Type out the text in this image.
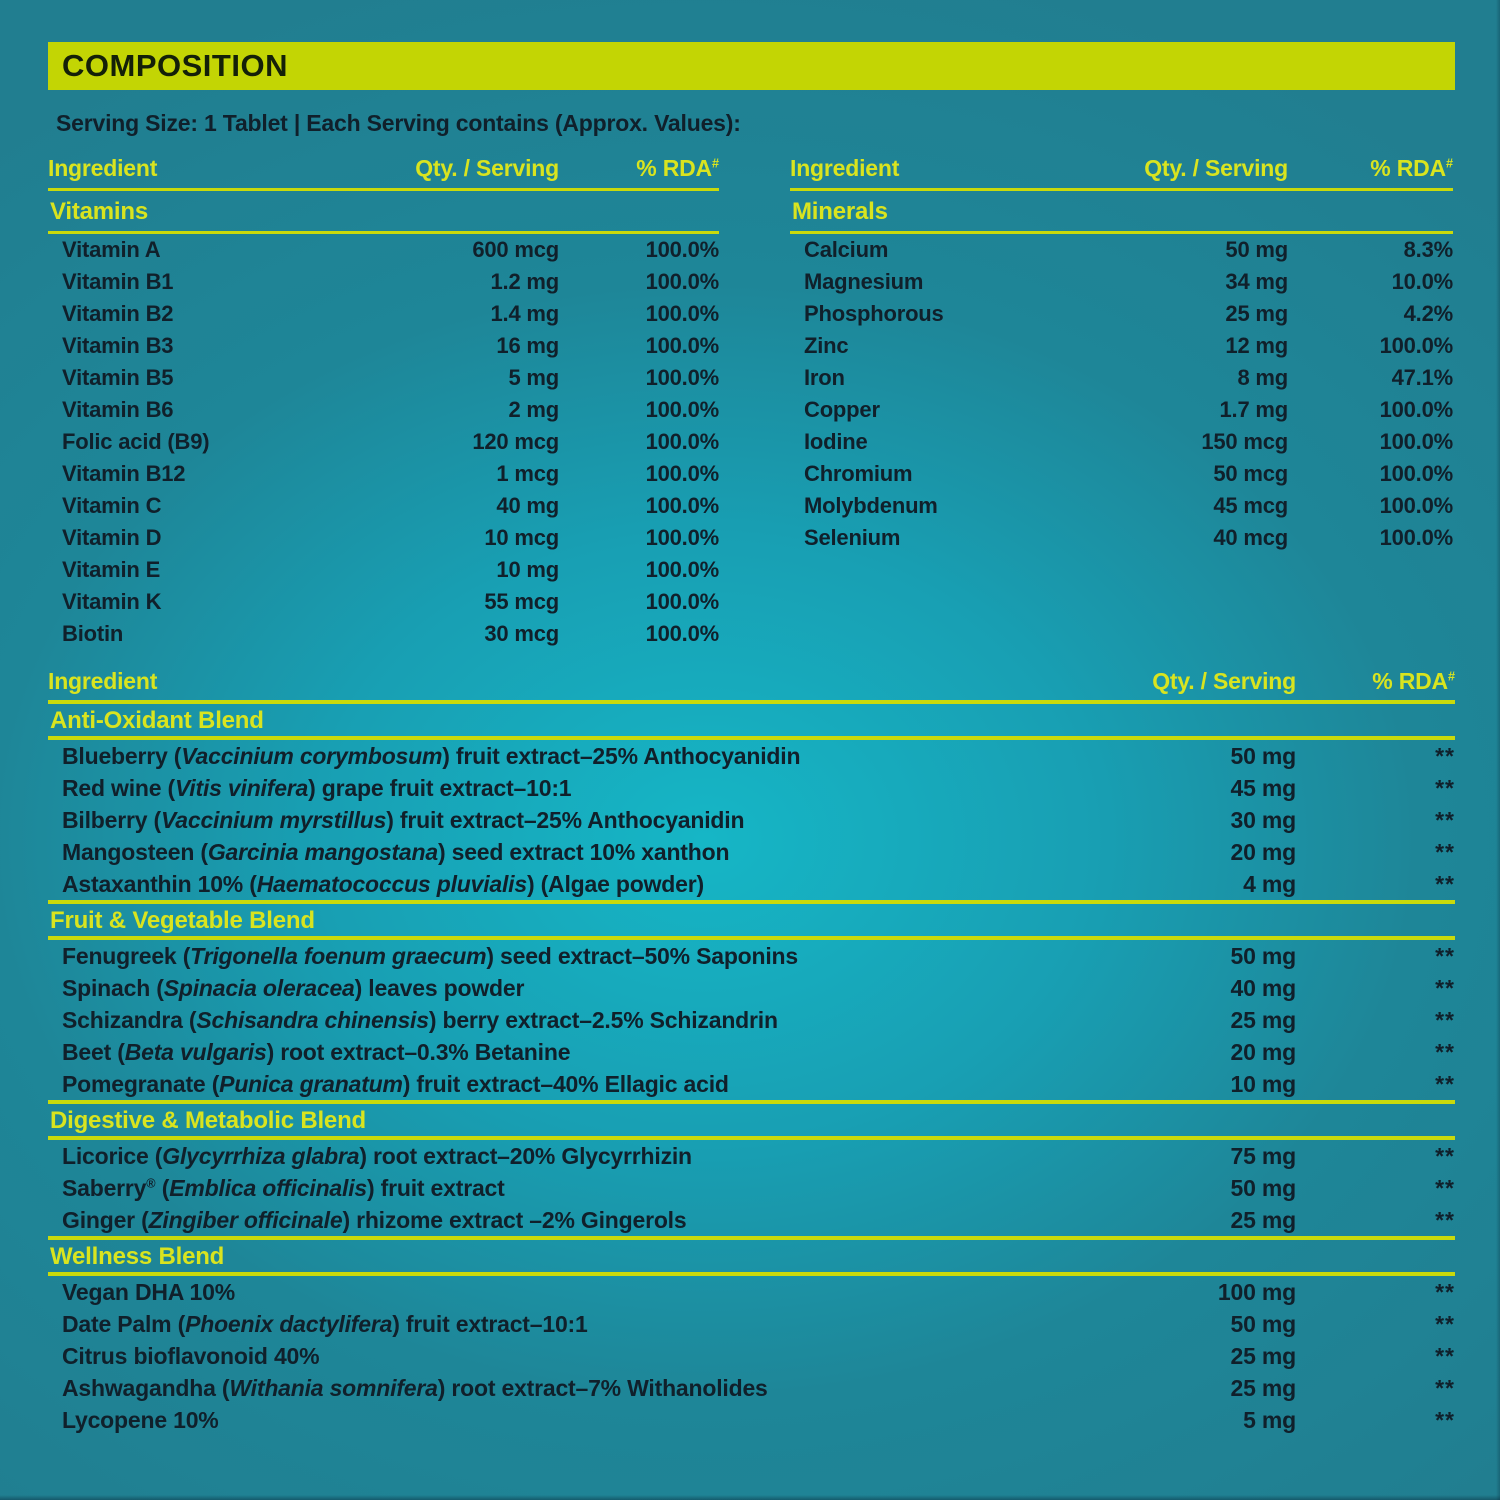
COMPOSITION
Serving Size: 1 Tablet | Each Serving contains (Approx. Values):
Ingredient	Qty. / Serving	% RDA#
Vitamins
Vitamin A	600 mcg	100.0%
Vitamin B1	1.2 mg	100.0%
Vitamin B2	1.4 mg	100.0%
Vitamin B3	16 mg	100.0%
Vitamin B5	5 mg	100.0%
Vitamin B6	2 mg	100.0%
Folic acid (B9)	120 mcg	100.0%
Vitamin B12	1 mcg	100.0%
Vitamin C	40 mg	100.0%
Vitamin D	10 mcg	100.0%
Vitamin E	10 mg	100.0%
Vitamin K	55 mcg	100.0%
Biotin	30 mcg	100.0%
Ingredient	Qty. / Serving	% RDA#
Minerals
Calcium	50 mg	8.3%
Magnesium	34 mg	10.0%
Phosphorous	25 mg	4.2%
Zinc	12 mg	100.0%
Iron	8 mg	47.1%
Copper	1.7 mg	100.0%
Iodine	150 mcg	100.0%
Chromium	50 mcg	100.0%
Molybdenum	45 mcg	100.0%
Selenium	40 mcg	100.0%
Ingredient	Qty. / Serving	% RDA#
Anti-Oxidant Blend
Blueberry (Vaccinium corymbosum) fruit extract–25% Anthocyanidin	50 mg	**
Red wine (Vitis vinifera) grape fruit extract–10:1	45 mg	**
Bilberry (Vaccinium myrstillus) fruit extract–25% Anthocyanidin	30 mg	**
Mangosteen (Garcinia mangostana) seed extract 10% xanthon	20 mg	**
Astaxanthin 10% (Haematococcus pluvialis) (Algae powder)	4 mg	**
Fruit & Vegetable Blend
Fenugreek (Trigonella foenum graecum) seed extract–50% Saponins	50 mg	**
Spinach (Spinacia oleracea) leaves powder	40 mg	**
Schizandra (Schisandra chinensis) berry extract–2.5% Schizandrin	25 mg	**
Beet (Beta vulgaris) root extract–0.3% Betanine	20 mg	**
Pomegranate (Punica granatum) fruit extract–40% Ellagic acid	10 mg	**
Digestive & Metabolic Blend
Licorice (Glycyrrhiza glabra) root extract–20% Glycyrrhizin	75 mg	**
Saberry® (Emblica officinalis) fruit extract	50 mg	**
Ginger (Zingiber officinale) rhizome extract –2% Gingerols	25 mg	**
Wellness Blend
Vegan DHA 10%	100 mg	**
Date Palm (Phoenix dactylifera) fruit extract–10:1	50 mg	**
Citrus bioflavonoid 40%	25 mg	**
Ashwagandha (Withania somnifera) root extract–7% Withanolides	25 mg	**
Lycopene 10%	5 mg	**
